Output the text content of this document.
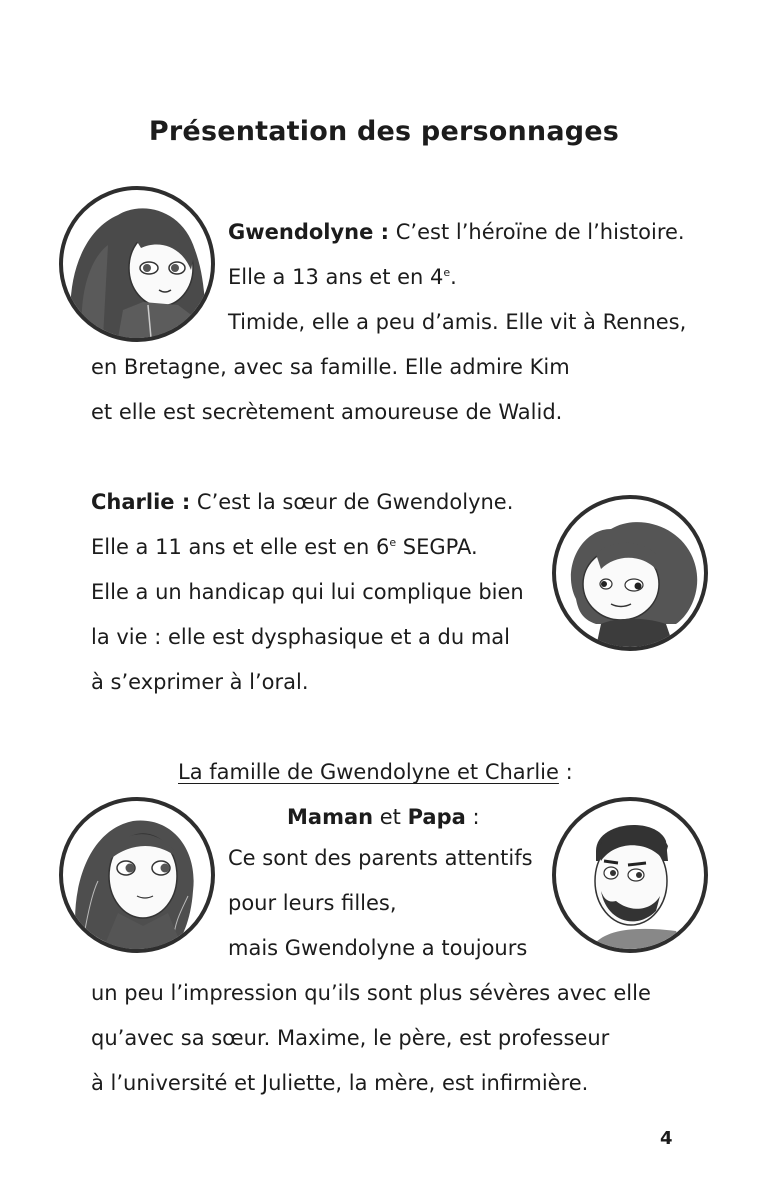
Présentation des personnages
Gwendolyne : C’est l’héroïne de l’histoire.
Elle a 13 ans et en 4e.
Timide, elle a peu d’amis. Elle vit à Rennes,
en Bretagne, avec sa famille. Elle admire Kim
et elle est secrètement amoureuse de Walid.
Charlie : C’est la sœur de Gwendolyne.
Elle a 11 ans et elle est en 6e SEGPA.
Elle a un handicap qui lui complique bien
la vie : elle est dysphasique et a du mal
à s’exprimer à l’oral.
La famille de Gwendolyne et Charlie :
Maman et Papa :
Ce sont des parents attentifs
pour leurs filles,
mais Gwendolyne a toujours
un peu l’impression qu’ils sont plus sévères avec elle
qu’avec sa sœur. Maxime, le père, est professeur
à l’université et Juliette, la mère, est infirmière.
4
